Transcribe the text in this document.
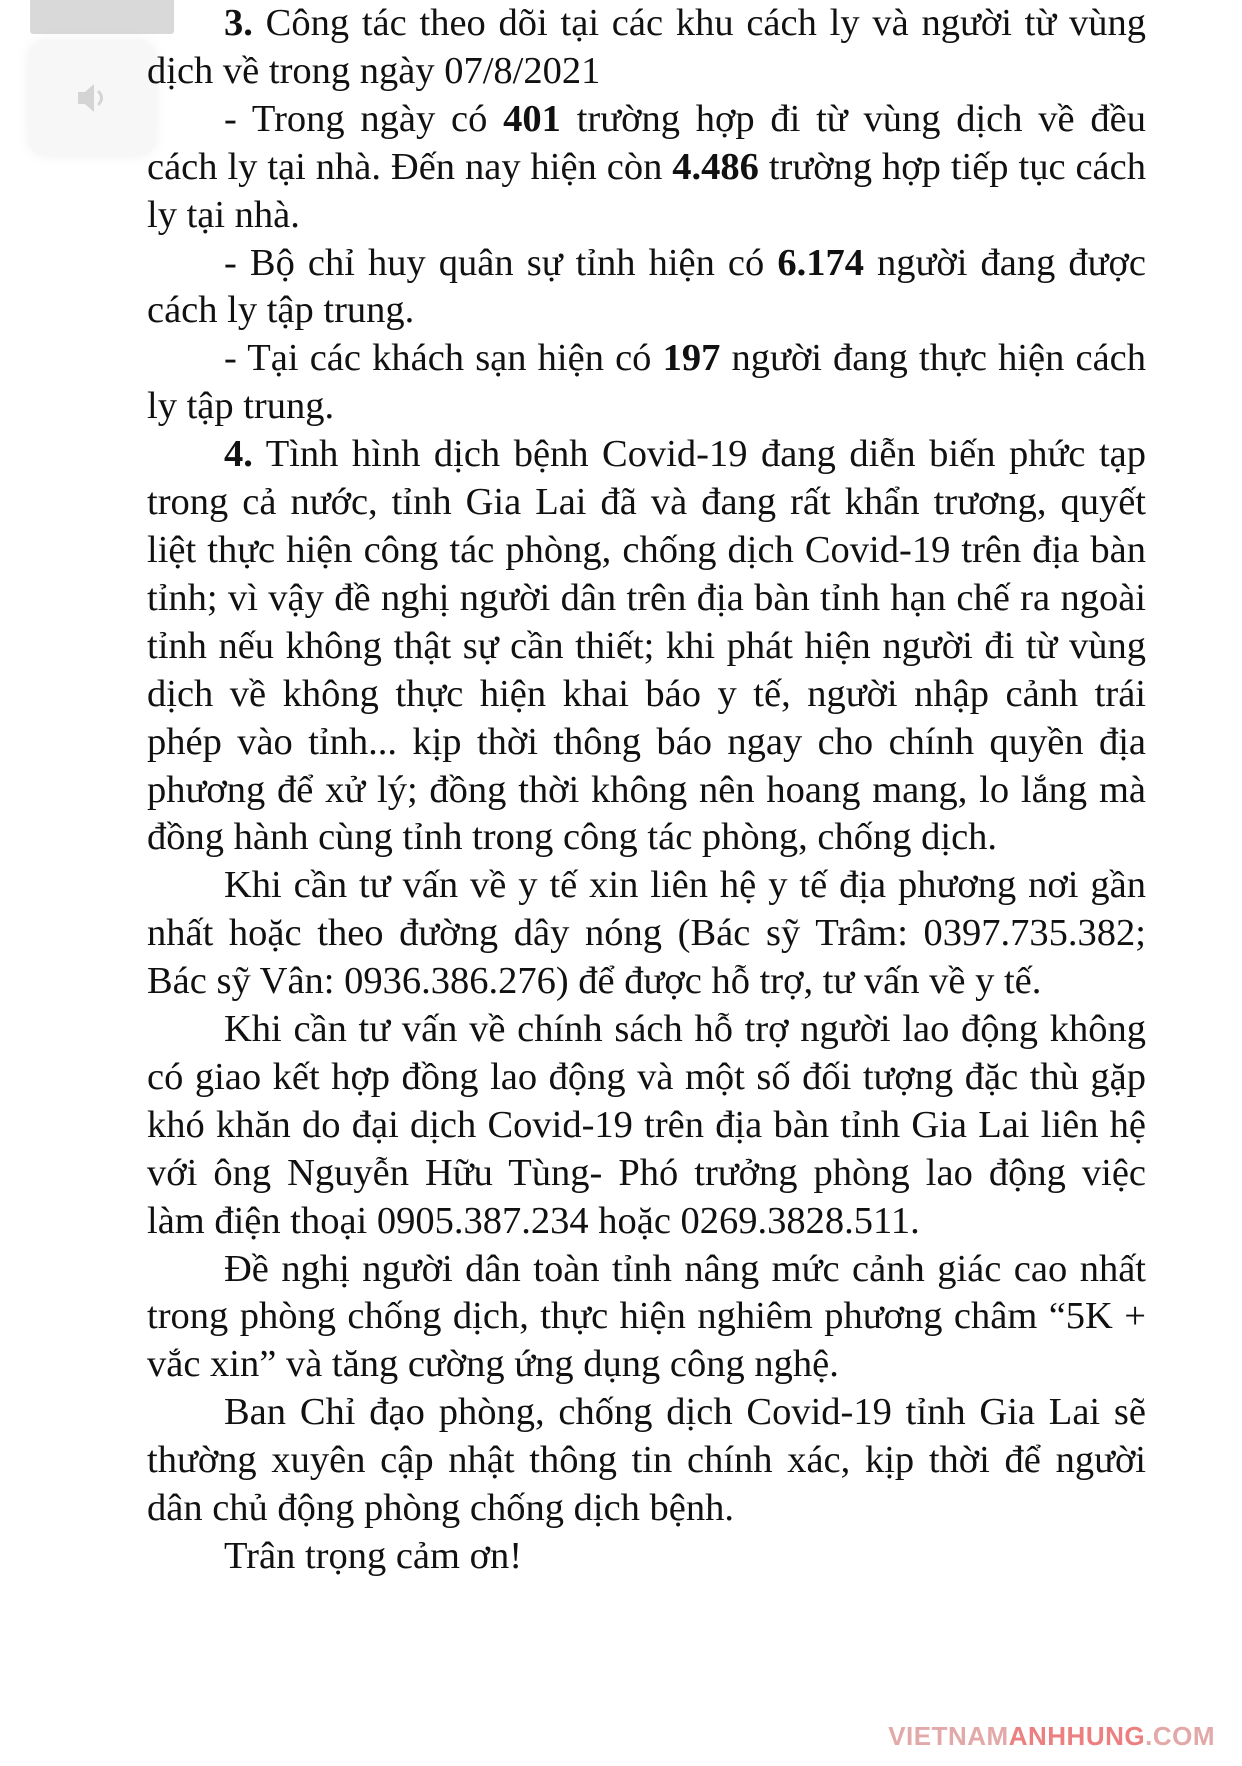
3. Công tác theo dõi tại các khu cách ly và người từ vùng dịch về trong ngày 07/8/2021

- Trong ngày có 401 trường hợp đi từ vùng dịch về đều cách ly tại nhà. Đến nay hiện còn 4.486 trường hợp tiếp tục cách ly tại nhà.

- Bộ chỉ huy quân sự tỉnh hiện có 6.174 người đang được cách ly tập trung.

- Tại các khách sạn hiện có 197 người đang thực hiện cách ly tập trung.

4. Tình hình dịch bệnh Covid-19 đang diễn biến phức tạp trong cả nước, tỉnh Gia Lai đã và đang rất khẩn trương, quyết liệt thực hiện công tác phòng, chống dịch Covid-19 trên địa bàn tỉnh; vì vậy đề nghị người dân trên địa bàn tỉnh hạn chế ra ngoài tỉnh nếu không thật sự cần thiết; khi phát hiện người đi từ vùng dịch về không thực hiện khai báo y tế, người nhập cảnh trái phép vào tỉnh... kịp thời thông báo ngay cho chính quyền địa phương để xử lý; đồng thời không nên hoang mang, lo lắng mà đồng hành cùng tỉnh trong công tác phòng, chống dịch.

Khi cần tư vấn về y tế xin liên hệ y tế địa phương nơi gần nhất hoặc theo đường dây nóng (Bác sỹ Trâm: 0397.735.382; Bác sỹ Vân: 0936.386.276) để được hỗ trợ, tư vấn về y tế.

Khi cần tư vấn về chính sách hỗ trợ người lao động không có giao kết hợp đồng lao động và một số đối tượng đặc thù gặp khó khăn do đại dịch Covid-19 trên địa bàn tỉnh Gia Lai liên hệ với ông Nguyễn Hữu Tùng- Phó trưởng phòng lao động việc làm điện thoại 0905.387.234 hoặc 0269.3828.511.

Đề nghị người dân toàn tỉnh nâng mức cảnh giác cao nhất trong phòng chống dịch, thực hiện nghiêm phương châm “5K + vắc xin” và tăng cường ứng dụng công nghệ.

Ban Chỉ đạo phòng, chống dịch Covid-19 tỉnh Gia Lai sẽ thường xuyên cập nhật thông tin chính xác, kịp thời để người dân chủ động phòng chống dịch bệnh.

Trân trọng cảm ơn!

VIETNAMANHHUNG.COM
